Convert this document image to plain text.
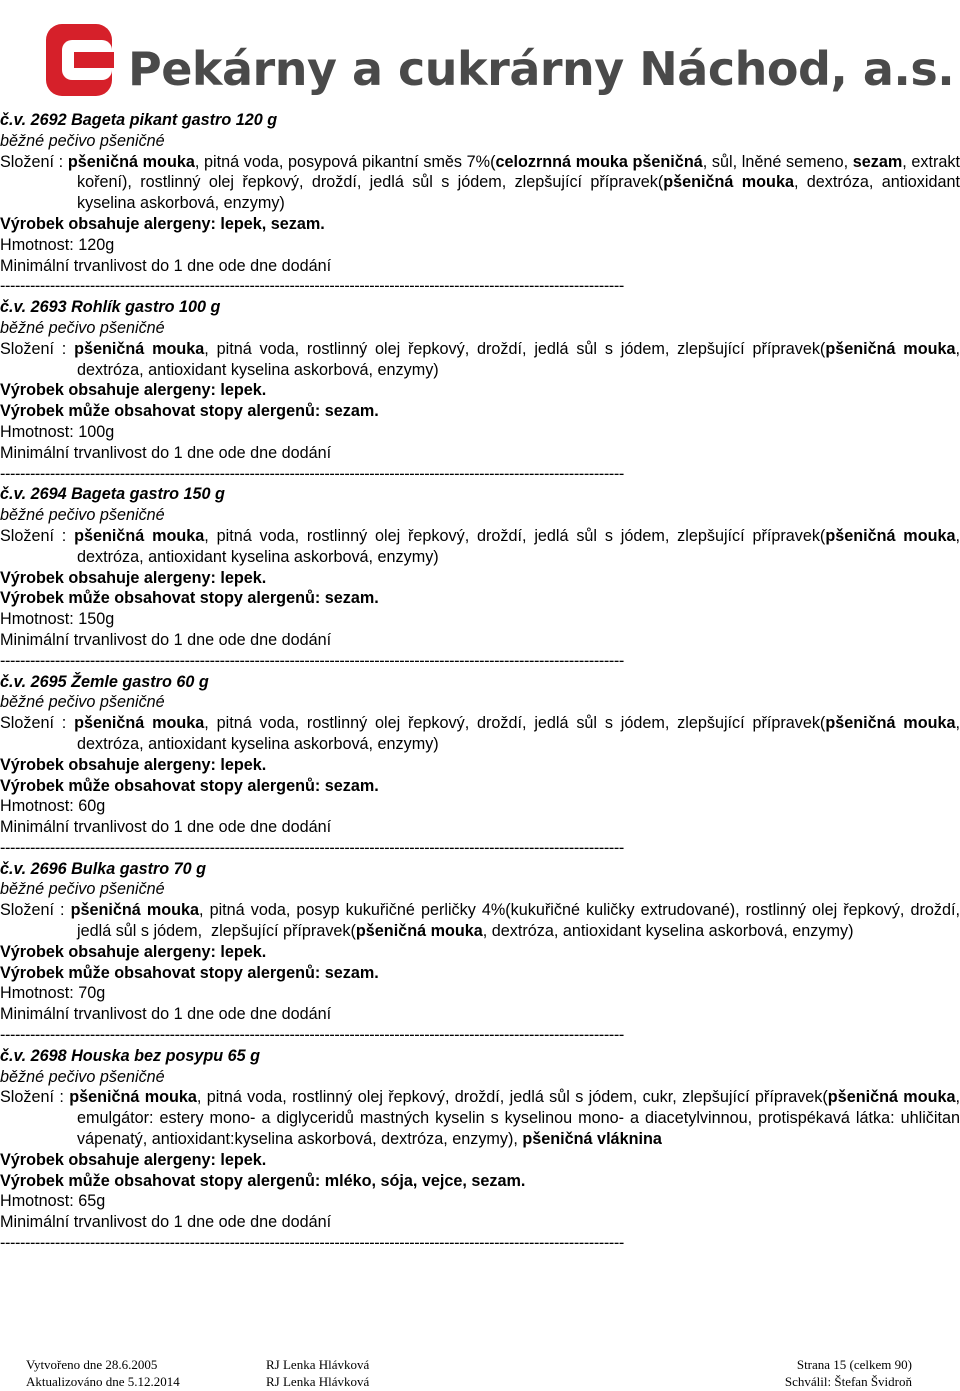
Pekárny a cukrárny Náchod, a.s.
č.v. 2692 Bageta pikant gastro 120 g
běžné pečivo pšeničné
Složení : pšeničná mouka, pitná voda, posypová pikantní směs 7%(celozrnná mouka pšeničná, sůl, lněné semeno, sezam, extrakt koření), rostlinný olej řepkový, droždí, jedlá sůl s jódem, zlepšující přípravek(pšeničná mouka, dextróza, antioxidant kyselina askorbová, enzymy)
Výrobek obsahuje alergeny: lepek, sezam.
Hmotnost: 120g
Minimální trvanlivost do 1 dne ode dne dodání
-----------------------------------------------------------------------------------------------------------------------------
č.v. 2693 Rohlík gastro 100 g
běžné pečivo pšeničné
Složení : pšeničná mouka, pitná voda, rostlinný olej řepkový, droždí, jedlá sůl s jódem, zlepšující přípravek(pšeničná mouka, dextróza, antioxidant kyselina askorbová, enzymy)
Výrobek obsahuje alergeny: lepek.
Výrobek může obsahovat stopy alergenů: sezam.
Hmotnost: 100g
Minimální trvanlivost do 1 dne ode dne dodání
-----------------------------------------------------------------------------------------------------------------------------
č.v. 2694 Bageta gastro 150 g
běžné pečivo pšeničné
Složení : pšeničná mouka, pitná voda, rostlinný olej řepkový, droždí, jedlá sůl s jódem, zlepšující přípravek(pšeničná mouka, dextróza, antioxidant kyselina askorbová, enzymy)
Výrobek obsahuje alergeny: lepek.
Výrobek může obsahovat stopy alergenů: sezam.
Hmotnost: 150g
Minimální trvanlivost do 1 dne ode dne dodání
-----------------------------------------------------------------------------------------------------------------------------
č.v. 2695 Žemle gastro 60 g
běžné pečivo pšeničné
Složení : pšeničná mouka, pitná voda, rostlinný olej řepkový, droždí, jedlá sůl s jódem, zlepšující přípravek(pšeničná mouka, dextróza, antioxidant kyselina askorbová, enzymy)
Výrobek obsahuje alergeny: lepek.
Výrobek může obsahovat stopy alergenů: sezam.
Hmotnost: 60g
Minimální trvanlivost do 1 dne ode dne dodání
-----------------------------------------------------------------------------------------------------------------------------
č.v. 2696 Bulka gastro 70 g
běžné pečivo pšeničné
Složení : pšeničná mouka, pitná voda, posyp kukuřičné perličky 4%(kukuřičné kuličky extrudované), rostlinný olej řepkový, droždí, jedlá sůl s jódem,  zlepšující přípravek(pšeničná mouka, dextróza, antioxidant kyselina askorbová, enzymy)
Výrobek obsahuje alergeny: lepek.
Výrobek může obsahovat stopy alergenů: sezam.
Hmotnost: 70g
Minimální trvanlivost do 1 dne ode dne dodání
-----------------------------------------------------------------------------------------------------------------------------
č.v. 2698 Houska bez posypu 65 g
běžné pečivo pšeničné
Složení : pšeničná mouka, pitná voda, rostlinný olej řepkový, droždí, jedlá sůl s jódem, cukr, zlepšující přípravek(pšeničná mouka, emulgátor: estery mono- a diglyceridů mastných kyselin s kyselinou mono- a diacetylvinnou, protispékavá látka: uhličitan vápenatý, antioxidant:kyselina askorbová, dextróza, enzymy), pšeničná vláknina
Výrobek obsahuje alergeny: lepek.
Výrobek může obsahovat stopy alergenů: mléko, sója, vejce, sezam.
Hmotnost: 65g
Minimální trvanlivost do 1 dne ode dne dodání
-----------------------------------------------------------------------------------------------------------------------------
Vytvořeno dne 28.6.2005
Aktualizováno dne 5.12.2014
RJ Lenka Hlávková
RJ Lenka Hlávková
Strana 15 (celkem 90)
Schválil: Štefan Švidroň
